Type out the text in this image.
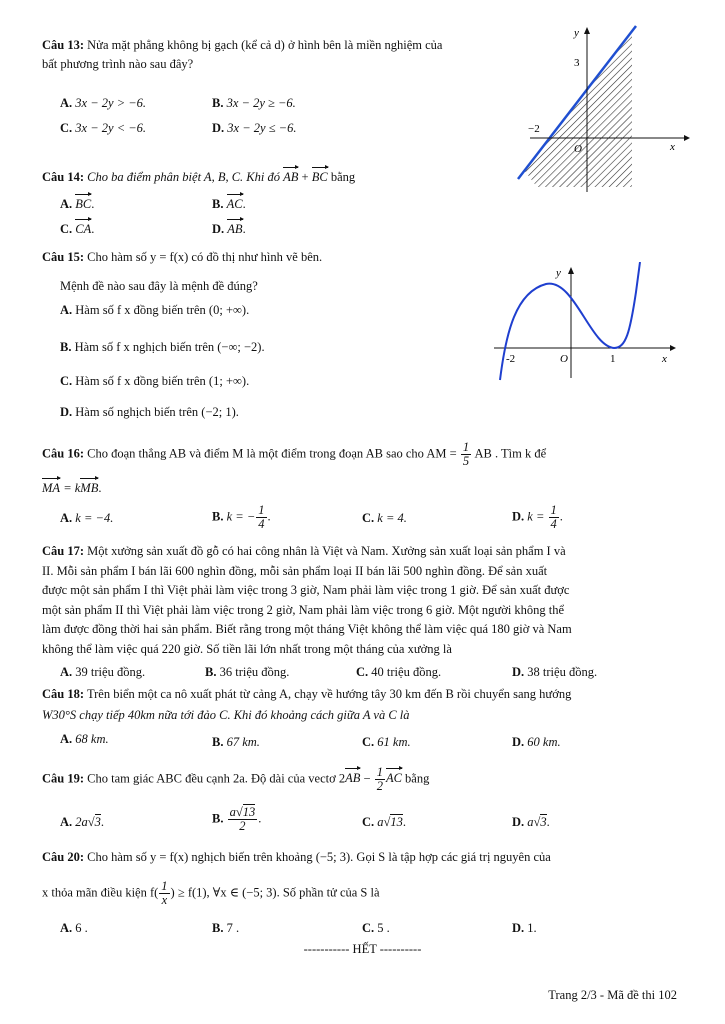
Câu 13: Nửa mặt phẳng không bị gạch (kể cả d) ở hình bên là miền nghiệm của
bất phương trình nào sau đây?
A. 3x − 2y > −6.	B. 3x − 2y ≥ −6.
C. 3x − 2y < −6.	D. 3x − 2y ≤ −6.
y
x
O
3
−2
Câu 14: Cho ba điểm phân biệt A, B, C. Khi đó AB + BC bằng
A. BC.	B. AC.
C. CA.	D. AB.
Câu 15: Cho hàm số y = f(x) có đồ thị như hình vẽ bên.
Mệnh đề nào sau đây là mệnh đề đúng?
A. Hàm số f x đồng biến trên (0; +∞).
B. Hàm số f x nghịch biến trên (−∞; −2).
C. Hàm số f x đồng biến trên (1; +∞).
D. Hàm số nghịch biến trên (−2; 1).
y
x
O
-2	1
Câu 16: Cho đoạn thẳng AB và điểm M là một điểm trong đoạn AB sao cho AM = $\frac{1}{5}$ AB . Tìm k để
MA = kMB.
A. k = −4.	B. k = − $\frac{1}{4}$ .	C. k = 4.	D. $k = \frac{1}{4}$ .
Câu 17: Một xưởng sản xuất đồ gỗ có hai công nhân là Việt và Nam. Xưởng sản xuất loại sản phẩm I và
II. Mỗi sản phẩm I bán lãi 600 nghìn đồng, mỗi sản phẩm loại II bán lãi 500 nghìn đồng. Để sản xuất
được một sản phẩm I thì Việt phải làm việc trong 3 giờ, Nam phải làm việc trong 1 giờ. Để sản xuất được
một sản phẩm II thì Việt phải làm việc trong 2 giờ, Nam phải làm việc trong 6 giờ. Một người không thể
làm được đồng thời hai sản phẩm. Biết rằng trong một tháng Việt không thể làm việc quá 180 giờ và Nam
không thể làm việc quá 220 giờ. Số tiền lãi lớn nhất trong một tháng của xưởng là
A. 39 triệu đồng.	B. 36 triệu đồng.	C. 40 triệu đồng.	D. 38 triệu đồng.
Câu 18: Trên biển một ca nô xuất phát từ cảng A, chạy về hướng tây 30 km đến B rồi chuyển sang hướng
W30°S chạy tiếp 40km nữa tới đảo C. Khi đó khoảng cách giữa A và C là
A. 68 km.	B. 67 km.	C. 61 km.	D. 60 km.
Câu 19: Cho tam giác ABC đều cạnh 2a. Độ dài của vectơ $2AB - \frac{1}{2}$ AC bằng
A. 2a√3.	B. $\frac{a√13}{2}$ .	C. a√13.	D. a√3.
Câu 20: Cho hàm số y = f(x) nghịch biến trên khoảng (−5; 3). Gọi S là tập hợp các giá trị nguyên của
x thỏa mãn điều kiện $f( \frac{1}{x}$ ) ≥ f(1), ∀x ∈ (−5; 3). Số phần tử của S là
A. 6 .	B. 7 .	C. 5 .	D. 1.
----------- HẾT ----------
Trang 2/3 - Mã đề thi 102
